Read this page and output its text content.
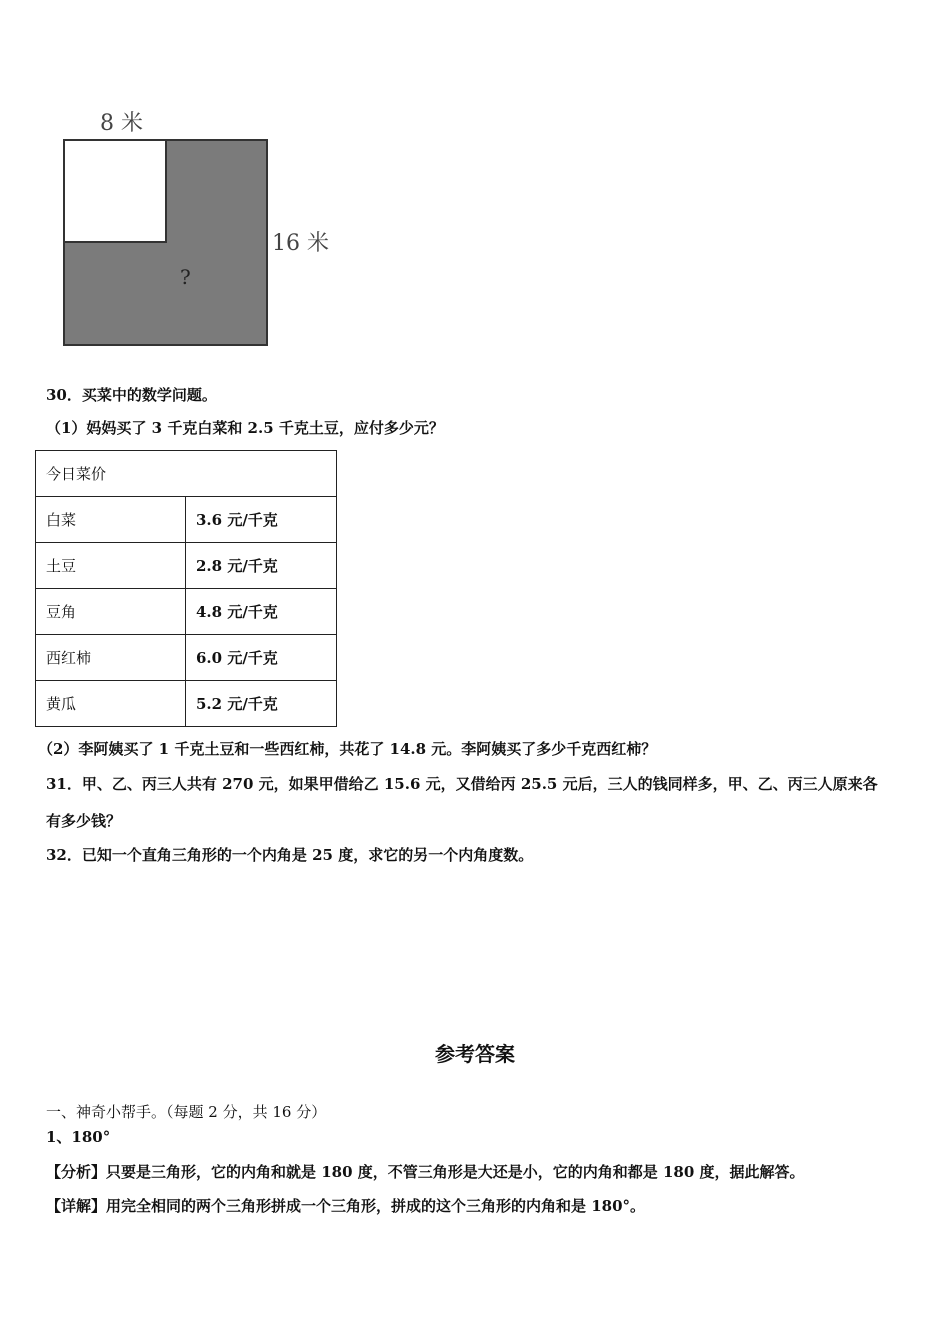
8 米
16 米
?
30．买菜中的数学问题。
（1）妈妈买了 3 千克白菜和 2.5 千克土豆，应付多少元？
今日菜价	
白菜	3.6 元/千克
土豆	2.8 元/千克
豆角	4.8 元/千克
西红柿	6.0 元/千克
黄瓜	5.2 元/千克
（2）李阿姨买了 1 千克土豆和一些西红柿，共花了 14.8 元。李阿姨买了多少千克西红柿？
31．甲、乙、丙三人共有 270 元，如果甲借给乙 15.6 元，又借给丙 25.5 元后，三人的钱同样多，甲、乙、丙三人原来各
有多少钱？
32．已知一个直角三角形的一个内角是 25 度，求它的另一个内角度数。
参考答案
一、神奇小帮手。（每题 2 分，共 16 分）
1、180°
【分析】只要是三角形，它的内角和就是 180 度，不管三角形是大还是小，它的内角和都是 180 度，据此解答。
【详解】用完全相同的两个三角形拼成一个三角形，拼成的这个三角形的内角和是 180°。
